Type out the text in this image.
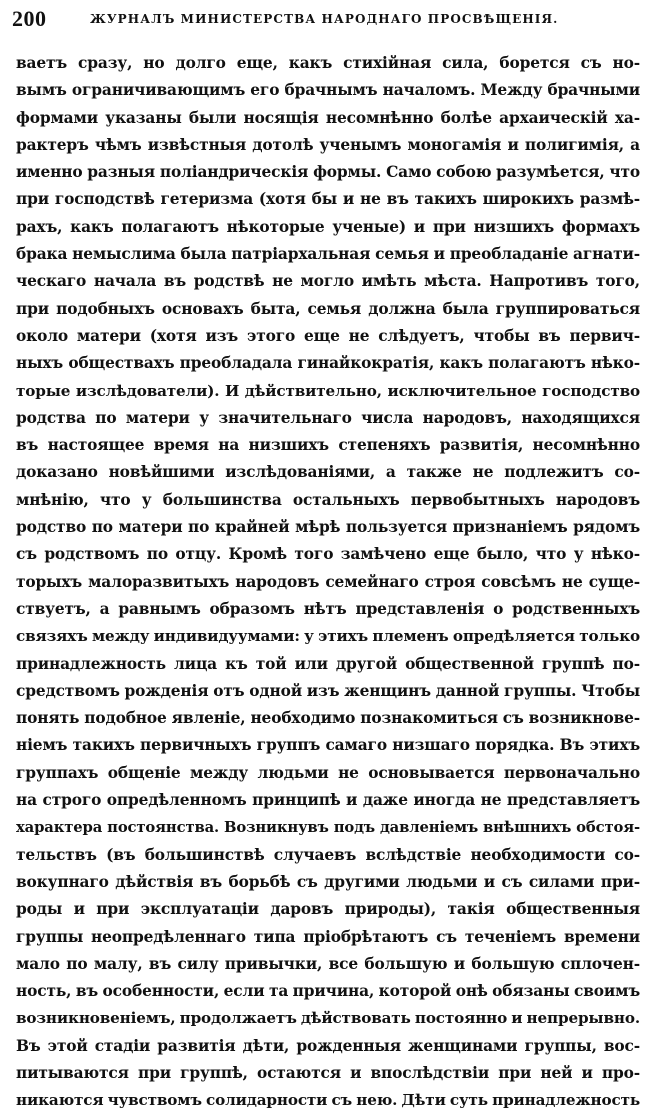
200	ЖУРНАЛЪ МИНИСТЕРСТВА НАРОДНАГО ПРОСВѢЩЕНІЯ.
ваетъ сразу, но долго еще, какъ стихійная сила, борется съ но-
вымъ ограничивающимъ его брачнымъ началомъ. Между брачными
формами указаны были носящія несомнѣнно болѣе архаическій ха-
рактеръ чѣмъ извѣстныя дотолѣ ученымъ моногамія и полигимія, а
именно разныя поліандрическія формы. Само собою разумѣется, что
при господствѣ гетеризма (хотя бы и не въ такихъ широкихъ размѣ-
рахъ, какъ полагаютъ нѣкоторые ученые) и при низшихъ формахъ
брака немыслима была патріархальная семья и преобладаніе агнати-
ческаго начала въ родствѣ не могло имѣть мѣста. Напротивъ того,
при подобныхъ основахъ быта, семья должна была группироваться
около матери (хотя изъ этого еще не слѣдуетъ, чтобы въ первич-
ныхъ обществахъ преобладала гинайкократія, какъ полагаютъ нѣко-
торые изслѣдователи). И дѣйствительно, исключительное господство
родства по матери у значительнаго числа народовъ, находящихся
въ настоящее время на низшихъ степеняхъ развитія, несомнѣнно
доказано новѣйшими изслѣдованіями, а также не подлежитъ со-
мнѣнію, что у большинства остальныхъ первобытныхъ народовъ
родство по матери по крайней мѣрѣ пользуется признаніемъ рядомъ
съ родствомъ по отцу. Кромѣ того замѣчено еще было, что у нѣко-
торыхъ малоразвитыхъ народовъ семейнаго строя совсѣмъ не суще-
ствуетъ, а равнымъ образомъ нѣтъ представленія о родственныхъ
связяхъ между индивидуумами: у этихъ племенъ опредѣляется только
принадлежность лица къ той или другой общественной группѣ по-
средствомъ рожденія отъ одной изъ женщинъ данной группы. Чтобы
понять подобное явленіе, необходимо познакомиться съ возникнове-
ніемъ такихъ первичныхъ группъ самаго низшаго порядка. Въ этихъ
группахъ общеніе между людьми не основывается первоначально
на строго опредѣленномъ принципѣ и даже иногда не представляетъ
характера постоянства. Возникнувъ подъ давленіемъ внѣшнихъ обстоя-
тельствъ (въ большинствѣ случаевъ вслѣдствіе необходимости со-
вокупнаго дѣйствія въ борьбѣ съ другими людьми и съ силами при-
роды и при эксплуатаціи даровъ природы), такія общественныя
группы неопредѣленнаго типа пріобрѣтаютъ съ теченіемъ времени
мало по малу, въ силу привычки, все большую и большую сплочен-
ность, въ особенности, если та причина, которой онѣ обязаны своимъ
возникновеніемъ, продолжаетъ дѣйствовать постоянно и непрерывно.
Въ этой стадіи развитія дѣти, рожденныя женщинами группы, вос-
питываются при группѣ, остаются и впослѣдствіи при ней и про-
никаются чувствомъ солидарности съ нею. Дѣти суть принадлежность
